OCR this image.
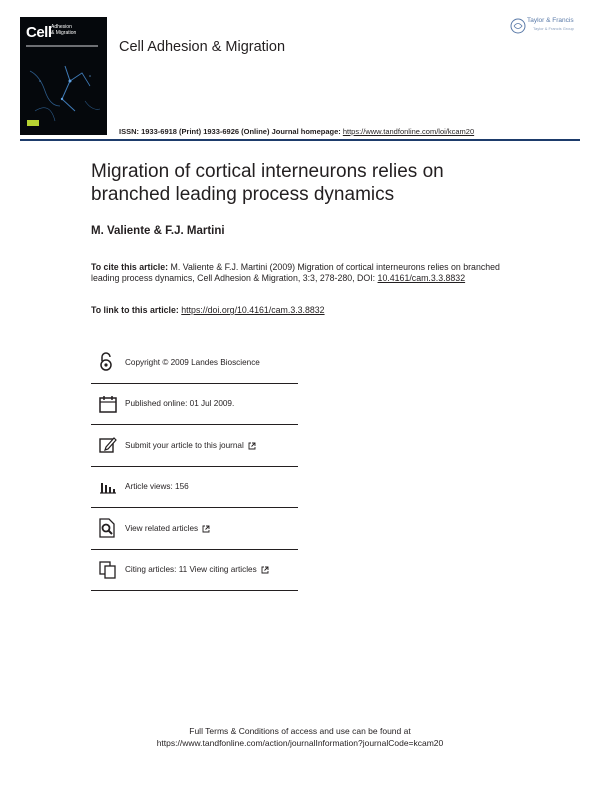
Cell Adhesion
& Migration
Cell Adhesion & Migration
Taylor & Francis
Taylor & Francis Group
ISSN: 1933-6918 (Print) 1933-6926 (Online) Journal homepage: https://www.tandfonline.com/loi/kcam20
Migration of cortical interneurons relies on branched leading process dynamics
M. Valiente & F.J. Martini
To cite this article: M. Valiente & F.J. Martini (2009) Migration of cortical interneurons relies on branched leading process dynamics, Cell Adhesion & Migration, 3:3, 278-280, DOI: 10.4161/cam.3.3.8832
To link to this article: https://doi.org/10.4161/cam.3.3.8832
Copyright © 2009 Landes Bioscience
Published online: 01 Jul 2009.
Submit your article to this journal
Article views: 156
View related articles
Citing articles: 11 View citing articles
Full Terms & Conditions of access and use can be found at
https://www.tandfonline.com/action/journalInformation?journalCode=kcam20
